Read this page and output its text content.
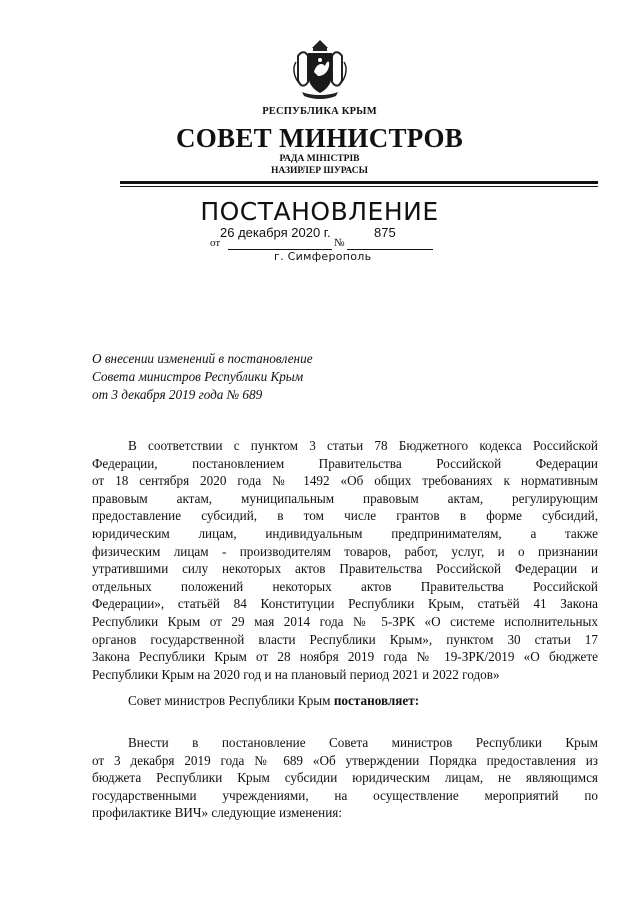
РЕСПУБЛИКА КРЫМ
СОВЕТ МИНИСТРОВ
РАДА МІНІСТРІВ
НАЗИРЛЕР ШУРАСЫ
ПОСТАНОВЛЕНИЕ
26 декабря 2020 г.	875
от	№
г. Симферополь
О внесении изменений в постановление
Совета министров Республики Крым
от 3 декабря 2019 года № 689
В соответствии с пунктом 3 статьи 78 Бюджетного кодекса Российской
Федерации, постановлением Правительства Российской Федерации
от 18 сентября 2020 года № 1492 «Об общих требованиях к нормативным
правовым актам, муниципальным правовым актам, регулирующим
предоставление субсидий, в том числе грантов в форме субсидий,
юридическим лицам, индивидуальным предпринимателям, а также
физическим лицам - производителям товаров, работ, услуг, и о признании
утратившими силу некоторых актов Правительства Российской Федерации и
отдельных положений некоторых актов Правительства Российской
Федерации», статьёй 84 Конституции Республики Крым, статьёй 41 Закона
Республики Крым от 29 мая 2014 года № 5-ЗРК «О системе исполнительных
органов государственной власти Республики Крым», пунктом 30 статьи 17
Закона Республики Крым от 28 ноября 2019 года № 19-ЗРК/2019 «О бюджете
Республики Крым на 2020 год и на плановый период 2021 и 2022 годов»
Совет министров Республики Крым постановляет:
Внести в постановление Совета министров Республики Крым
от 3 декабря 2019 года № 689 «Об утверждении Порядка предоставления из
бюджета Республики Крым субсидии юридическим лицам, не являющимся
государственными учреждениями, на осуществление мероприятий по
профилактике ВИЧ» следующие изменения:
